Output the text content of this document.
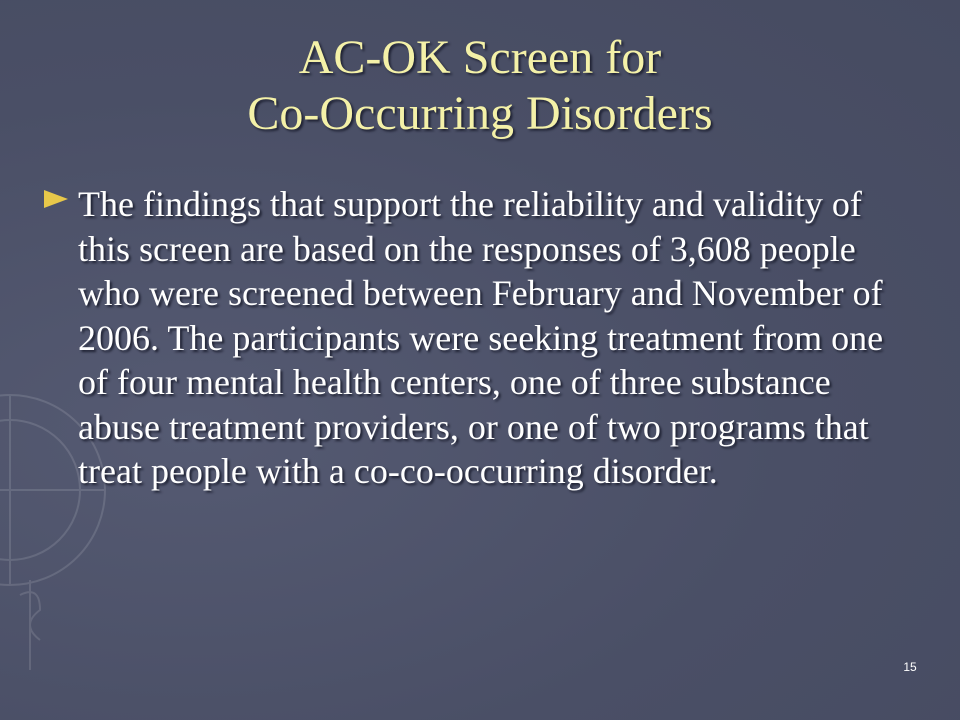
AC-OK Screen for
Co-Occurring Disorders
The findings that support the reliability and validity of this screen are based on the responses of 3,608 people who were screened between February and November of 2006. The participants were seeking treatment from one of four mental health centers, one of three substance abuse treatment providers, or one of two programs that treat people with a co-co-occurring disorder.
15
